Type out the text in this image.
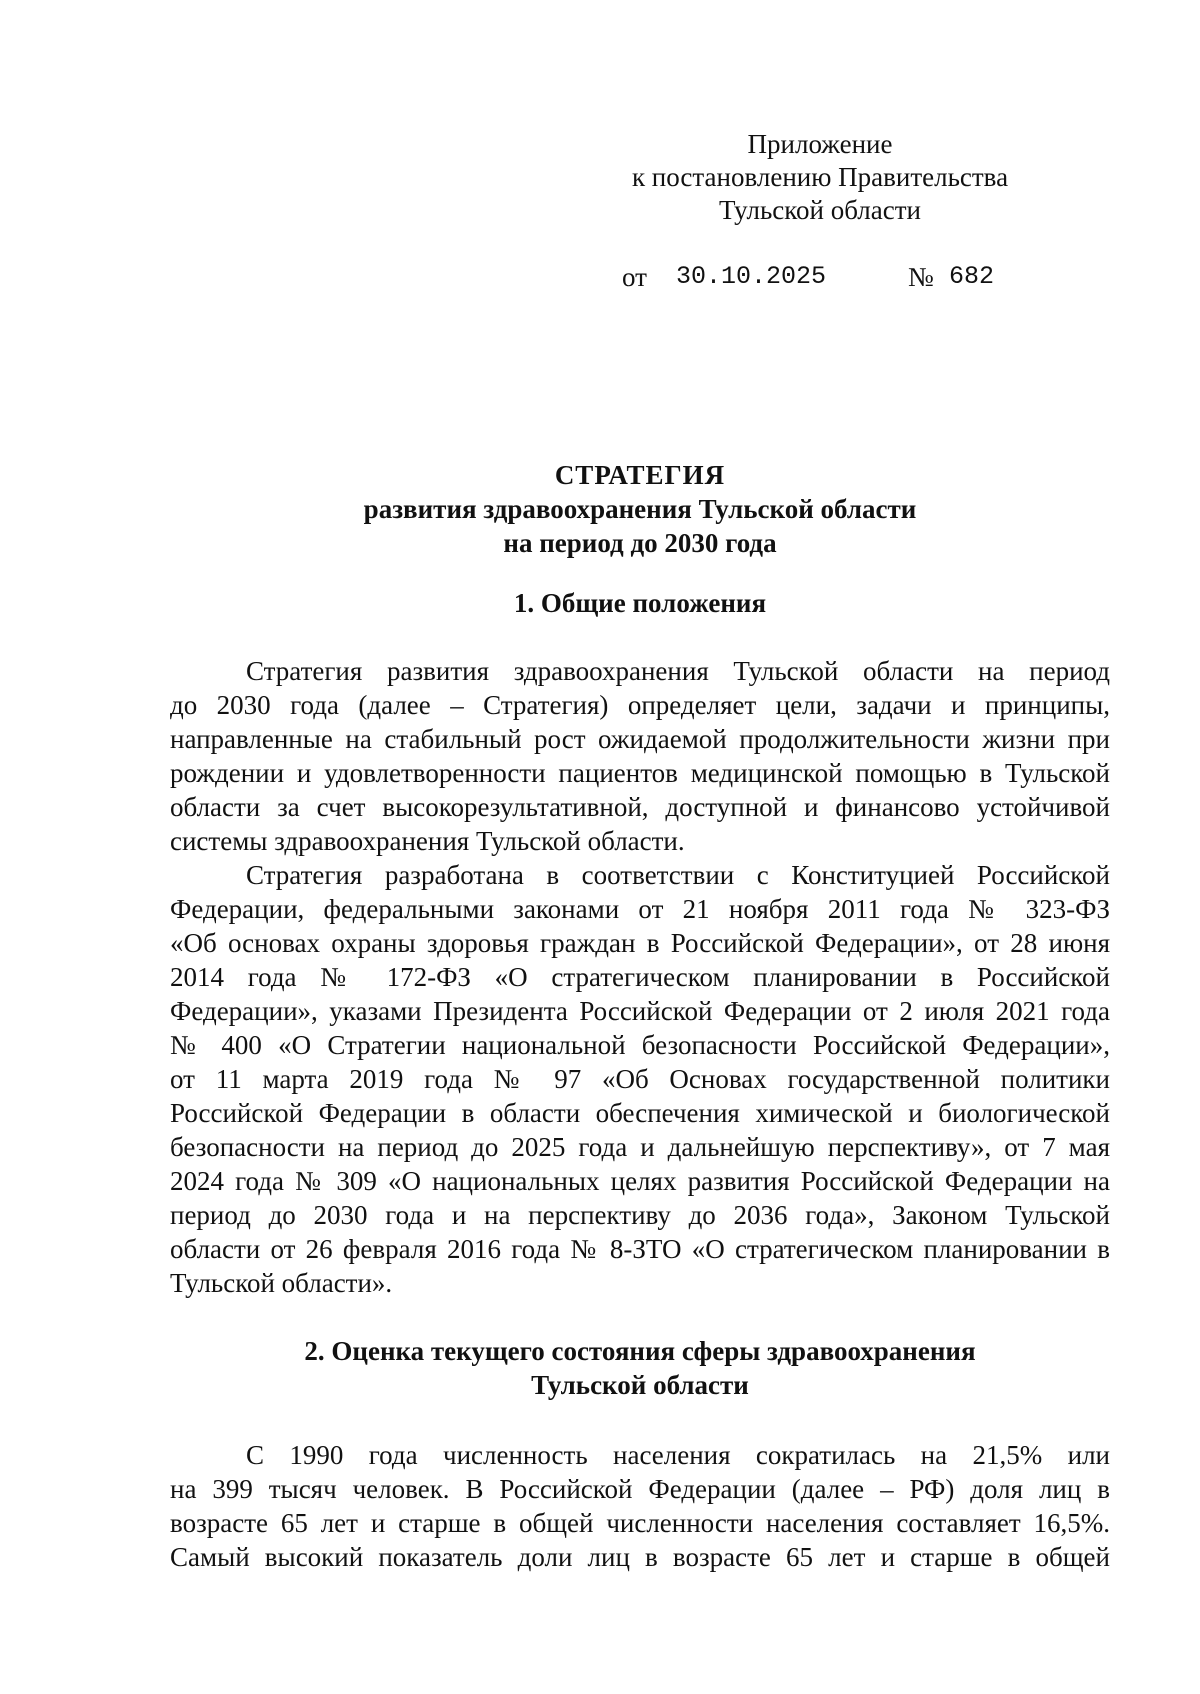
Приложение
к постановлению Правительства
Тульской области
от 30.10.2025	№ 682
СТРАТЕГИЯ
развития здравоохранения Тульской области
на период до 2030 года
1. Общие положения
Стратегия развития здравоохранения Тульской области на период
до 2030 года (далее – Стратегия) определяет цели, задачи и принципы,
направленные на стабильный рост ожидаемой продолжительности жизни при
рождении и удовлетворенности пациентов медицинской помощью в Тульской
области за счет высокорезультативной, доступной и финансово устойчивой
системы здравоохранения Тульской области.
Стратегия разработана в соответствии с Конституцией Российской
Федерации, федеральными законами от 21 ноября 2011 года № 323-ФЗ
«Об основах охраны здоровья граждан в Российской Федерации», от 28 июня
2014 года № 172-ФЗ «О стратегическом планировании в Российской
Федерации», указами Президента Российской Федерации от 2 июля 2021 года
№ 400 «О Стратегии национальной безопасности Российской Федерации»,
от 11 марта 2019 года № 97 «Об Основах государственной политики
Российской Федерации в области обеспечения химической и биологической
безопасности на период до 2025 года и дальнейшую перспективу», от 7 мая
2024 года № 309 «О национальных целях развития Российской Федерации на
период до 2030 года и на перспективу до 2036 года», Законом Тульской
области от 26 февраля 2016 года № 8-ЗТО «О стратегическом планировании в
Тульской области».
2. Оценка текущего состояния сферы здравоохранения
Тульской области
С 1990 года численность населения сократилась на 21,5% или
на 399 тысяч человек. В Российской Федерации (далее – РФ) доля лиц в
возрасте 65 лет и старше в общей численности населения составляет 16,5%.
Самый высокий показатель доли лиц в возрасте 65 лет и старше в общей
